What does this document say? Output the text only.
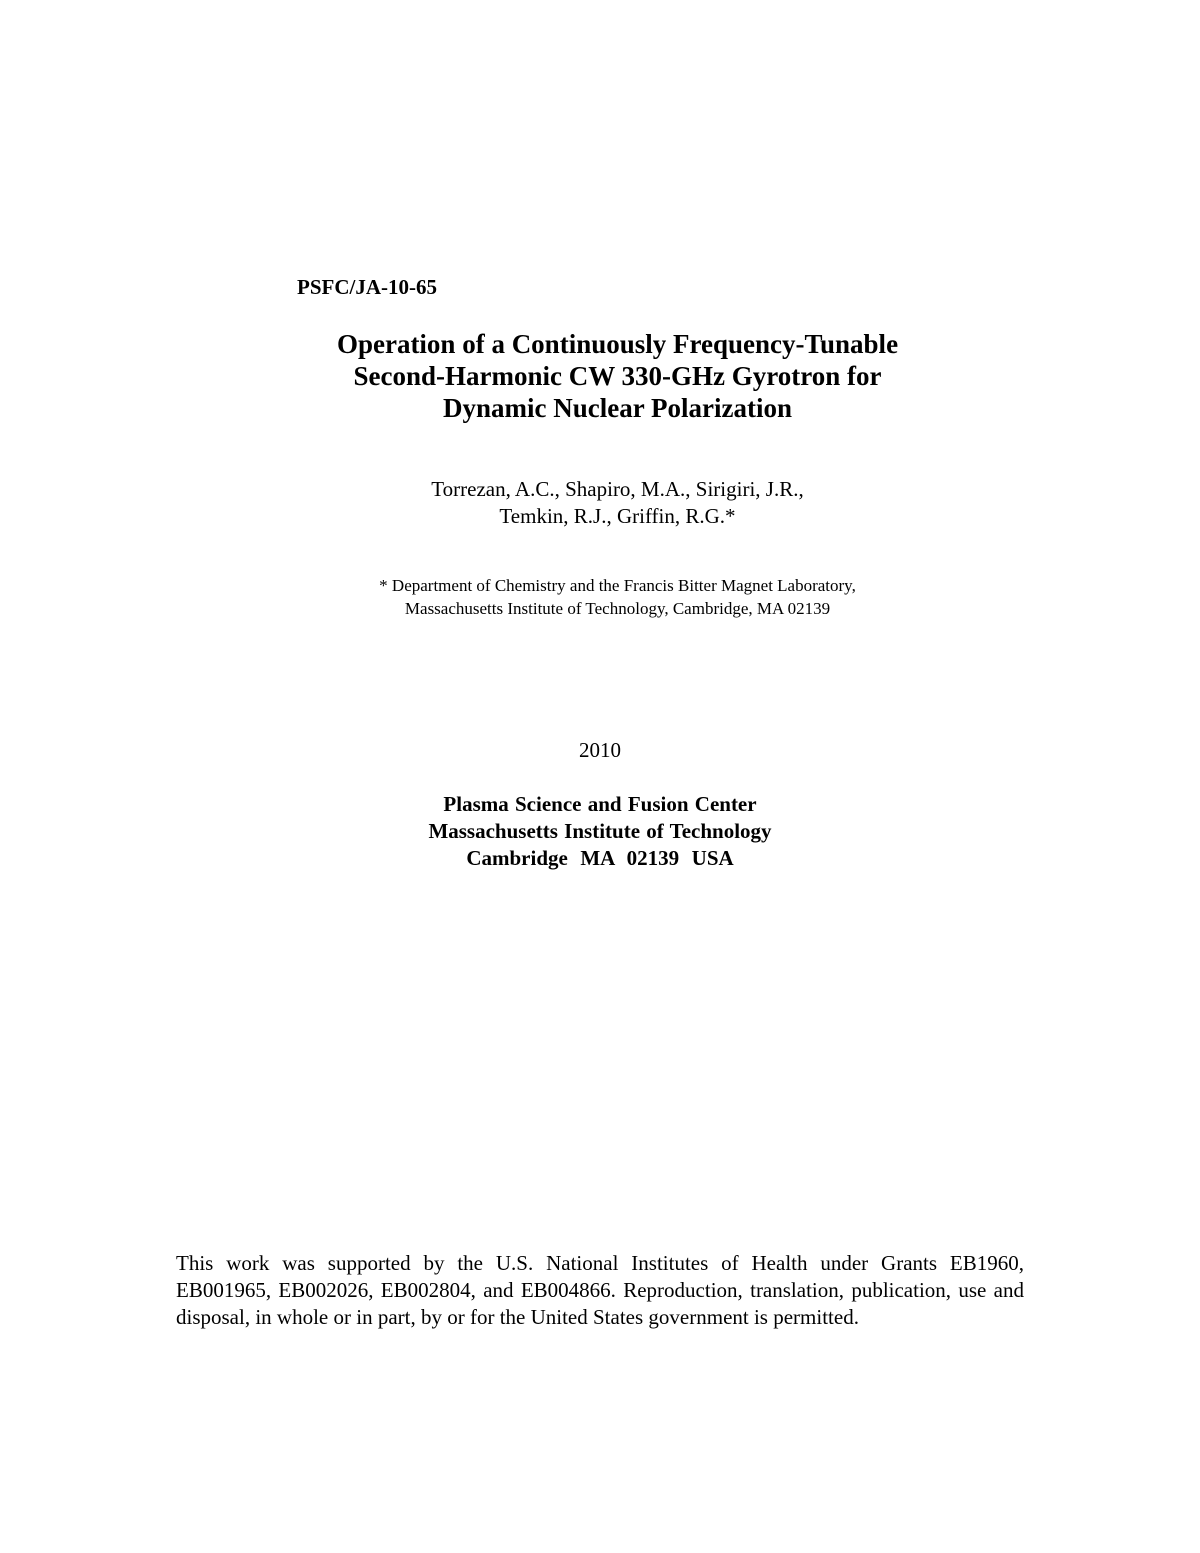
PSFC/JA-10-65
Operation of a Continuously Frequency-Tunable
Second-Harmonic CW 330-GHz Gyrotron for
Dynamic Nuclear Polarization
Torrezan, A.C., Shapiro, M.A., Sirigiri, J.R.,
Temkin, R.J., Griffin, R.G.*
* Department of Chemistry and the Francis Bitter Magnet Laboratory,
Massachusetts Institute of Technology, Cambridge, MA 02139
2010
Plasma Science and Fusion Center
Massachusetts Institute of Technology
Cambridge  MA  02139  USA
This work was supported by the U.S. National Institutes of Health under Grants EB1960, EB001965, EB002026, EB002804, and EB004866. Reproduction, translation, publication, use and disposal, in whole or in part, by or for the United States government is permitted.
